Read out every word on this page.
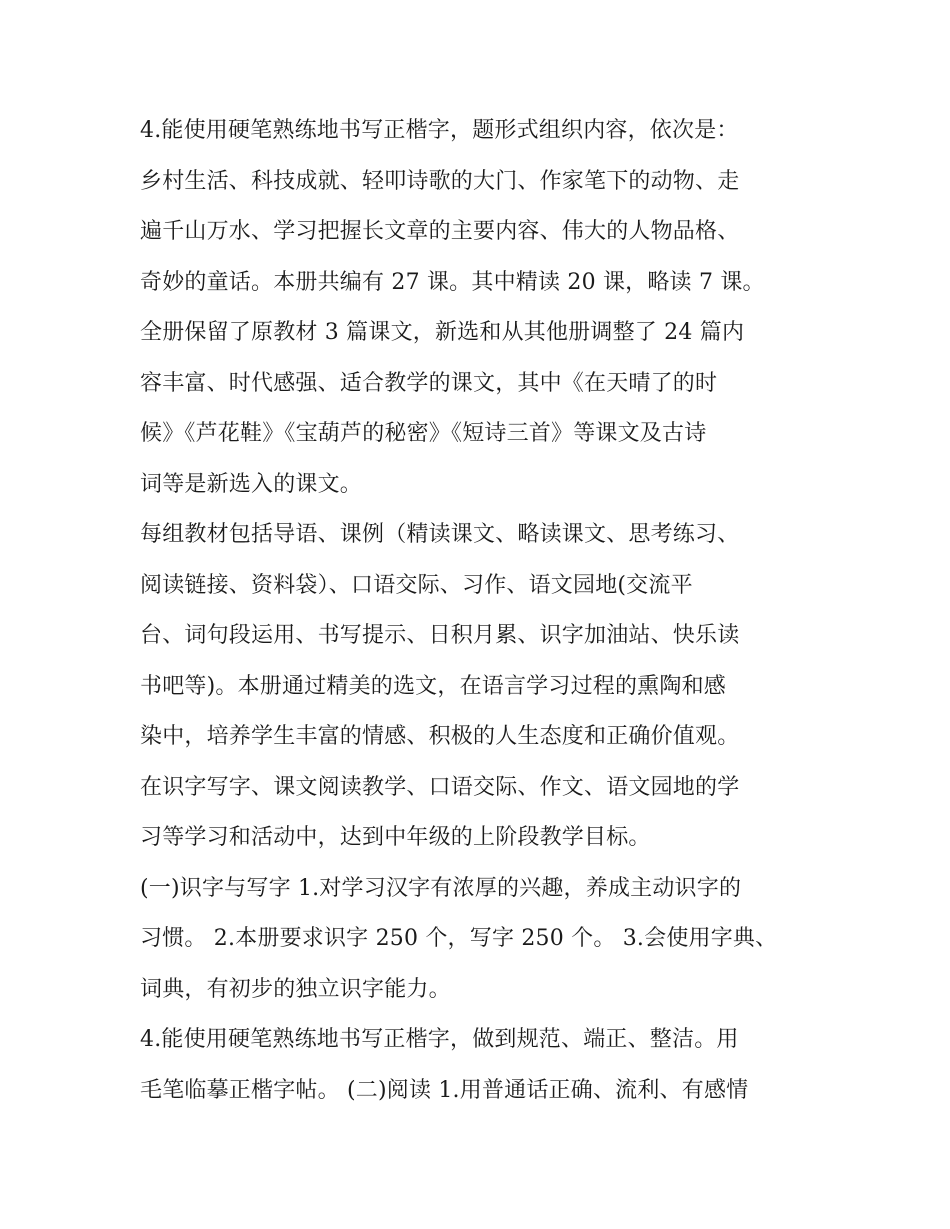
4.能使用硬笔熟练地书写正楷字，题形式组织内容，依次是：
乡村生活、科技成就、轻叩诗歌的大门、作家笔下的动物、走
遍千山万水、学习把握长文章的主要内容、伟大的人物品格、
奇妙的童话。本册共编有 27 课。其中精读 20 课，略读 7 课。
全册保留了原教材 3 篇课文，新选和从其他册调整了 24 篇内
容丰富、时代感强、适合教学的课文，其中《在天晴了的时
候》《芦花鞋》《宝葫芦的秘密》《短诗三首》等课文及古诗
词等是新选入的课文。
每组教材包括导语、课例（精读课文、略读课文、思考练习、
阅读链接、资料袋）、口语交际、习作、语文园地(交流平
台、词句段运用、书写提示、日积月累、识字加油站、快乐读
书吧等)。本册通过精美的选文，在语言学习过程的熏陶和感
染中，培养学生丰富的情感、积极的人生态度和正确价值观。
在识字写字、课文阅读教学、口语交际、作文、语文园地的学
习等学习和活动中，达到中年级的上阶段教学目标。
(一)识字与写字 1.对学习汉字有浓厚的兴趣，养成主动识字的
习惯。 2.本册要求识字 250 个，写字 250 个。 3.会使用字典、
词典，有初步的独立识字能力。
4.能使用硬笔熟练地书写正楷字，做到规范、端正、整洁。用
毛笔临摹正楷字帖。 (二)阅读 1.用普通话正确、流利、有感情
